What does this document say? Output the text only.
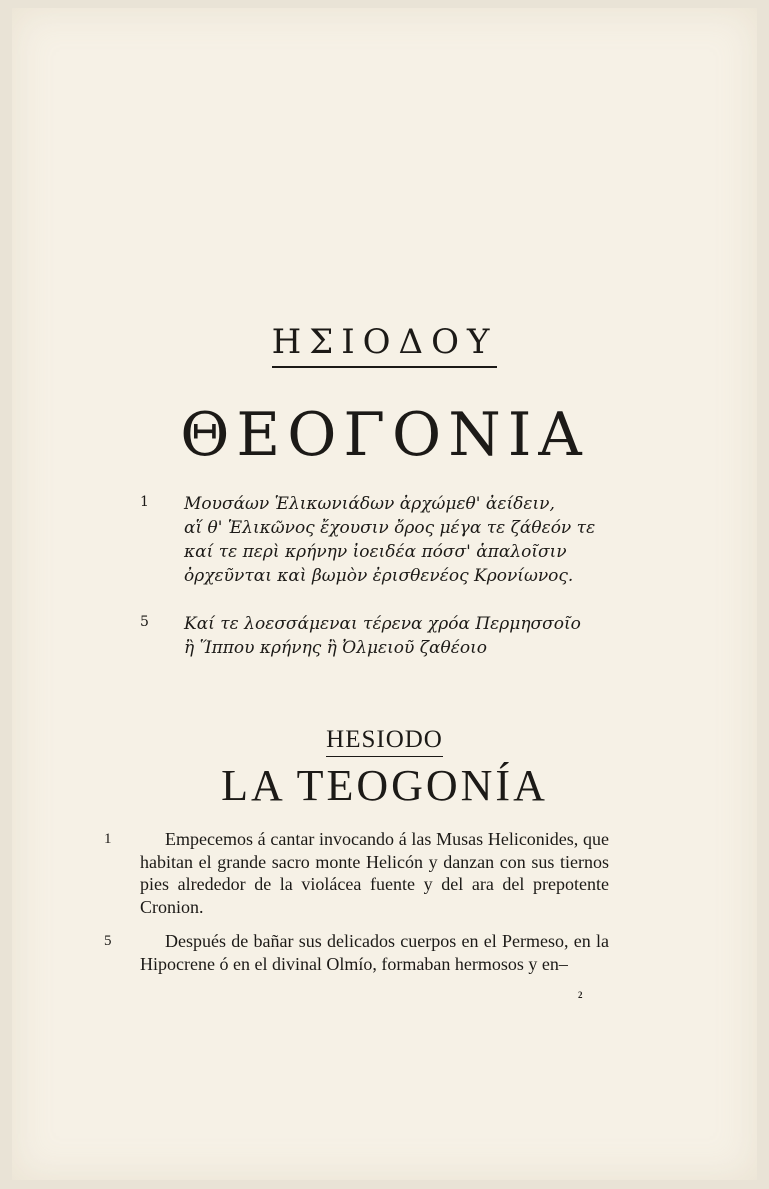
ΗΣΙΟΔΟΥ
ΘΕΟΓΟΝΙΑ
1 Μουσάων Ἑλικωνιάδων ἀρχώμεθ' ἀείδειν,
αἵ θ' Ἑλικῶνος ἔχουσιν ὄρος μέγα τε ζάθεόν τε
καί τε περὶ κρήνην ἰοειδέα πόσσ' ἁπαλοῖσιν
ὀρχεῦνται καὶ βωμὸν ἐρισθενέος Κρονίωνος.
5 Καί τε λοεσσάμεναι τέρενα χρόα Περμησσοῖο
ἢ Ἵππου κρήνης ἢ Ὀλμειοῦ ζαθέοιο
HESIODO
LA TEOGONÍA
1	Empecemos á cantar invocando á las Musas Heliconides, que habitan el grande sacro monte Helicón y danzan con sus tiernos pies alrededor de la violácea fuente y del ara del prepotente Cronion.
5	Después de bañar sus delicados cuerpos en el Permeso, en la Hipocrene ó en el divinal Olmío, formaban hermosos y en–
2
